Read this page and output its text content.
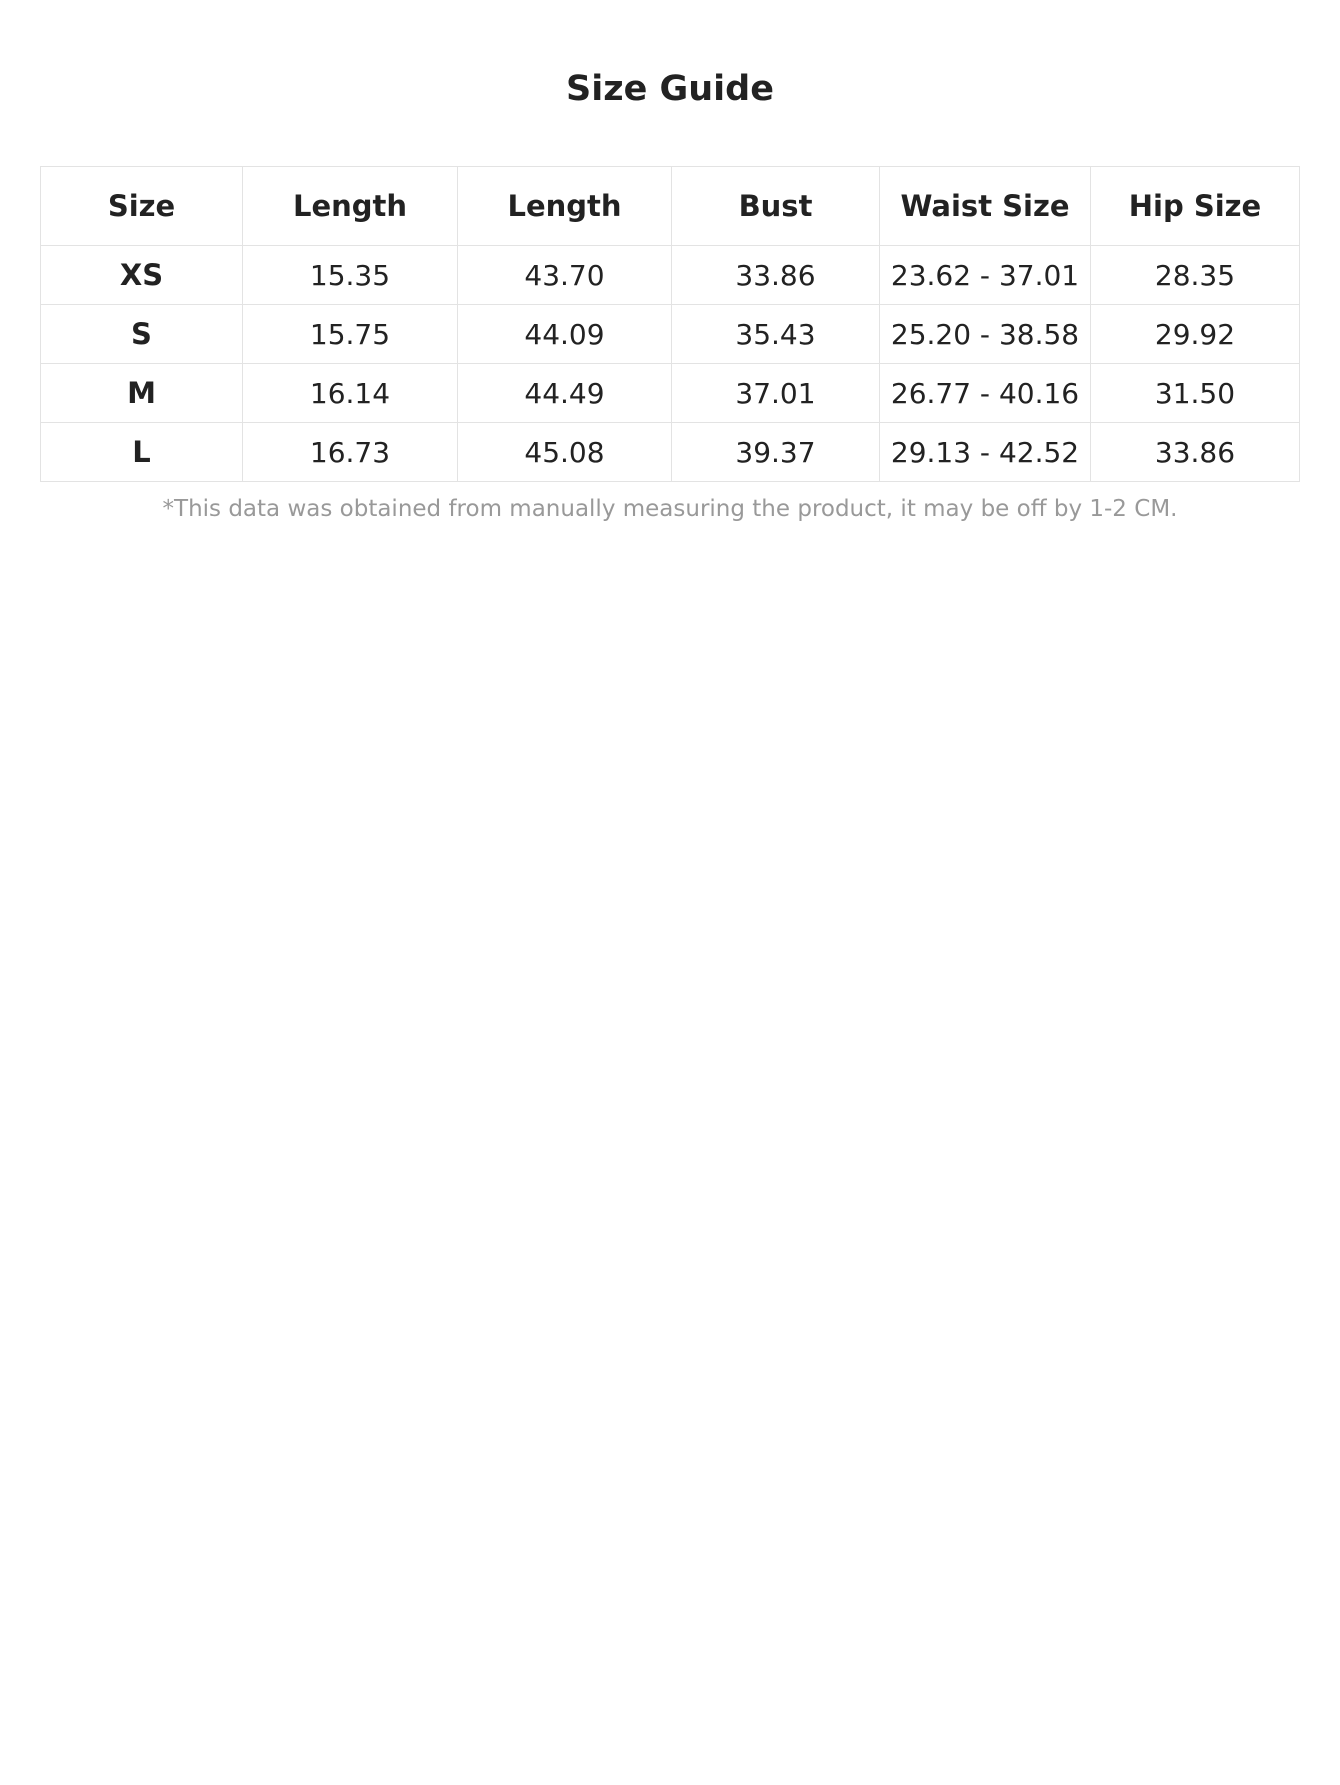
Size Guide
Size	Length	Length	Bust	Waist Size	Hip Size
XS	15.35	43.70	33.86	23.62 - 37.01	28.35
S	15.75	44.09	35.43	25.20 - 38.58	29.92
M	16.14	44.49	37.01	26.77 - 40.16	31.50
L	16.73	45.08	39.37	29.13 - 42.52	33.86
*This data was obtained from manually measuring the product, it may be off by 1-2 CM.
